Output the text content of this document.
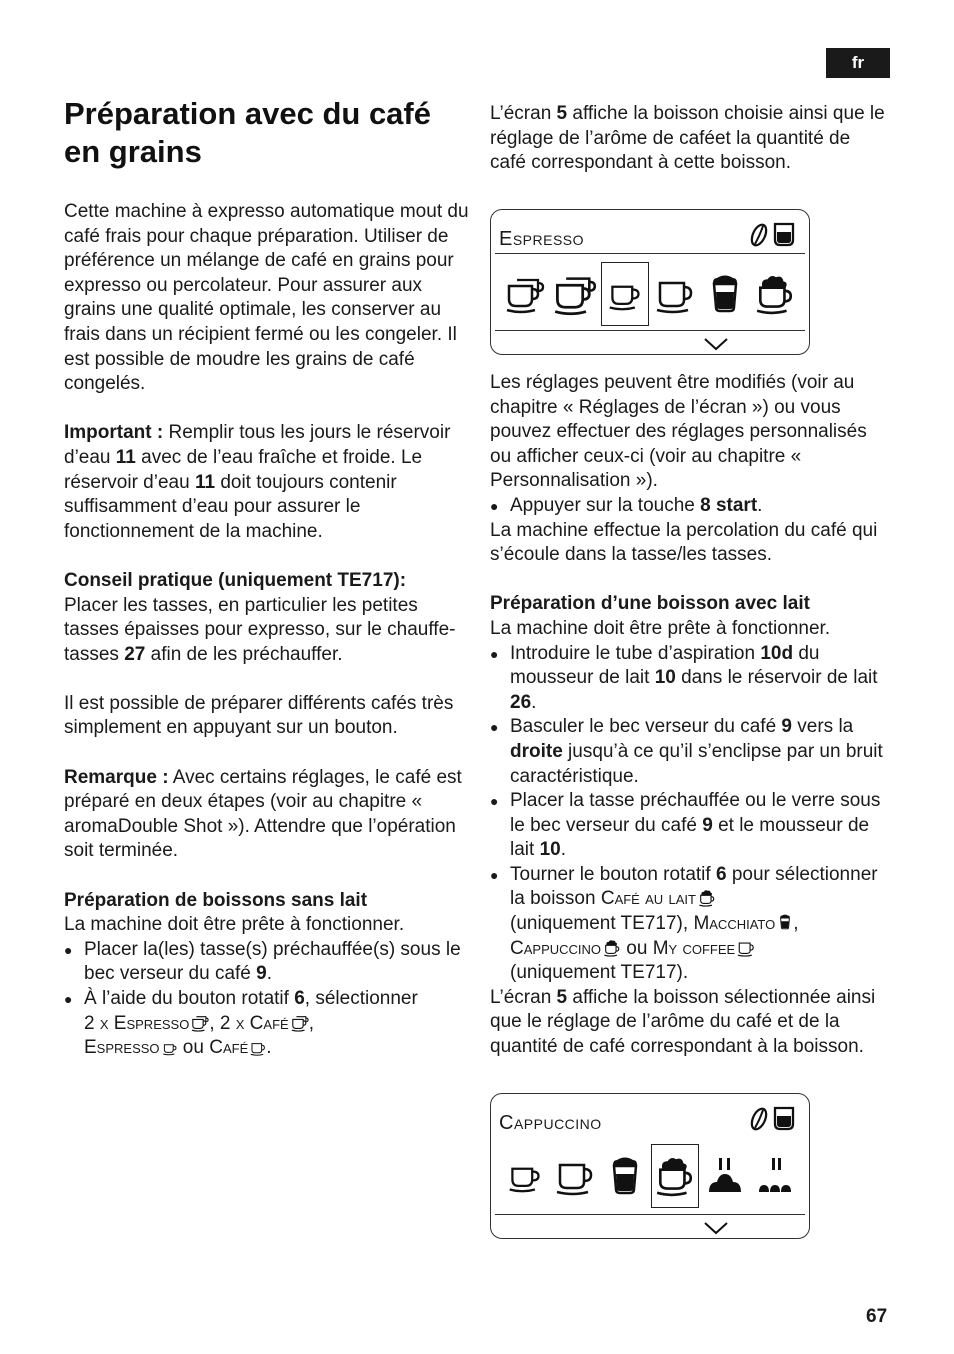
fr
Préparation avec du café en grains

Cette machine à expresso automatique mout du café frais pour chaque préparation. Utiliser de préférence un mélange de café en grains pour expresso ou percolateur. Pour assurer aux grains une qualité optimale, les conserver au frais dans un récipient fermé ou les congeler. Il est possible de moudre les grains de café congelés.

Important : Remplir tous les jours le réservoir d’eau 11 avec de l’eau fraîche et froide. Le réservoir d’eau 11 doit toujours contenir suffisamment d’eau pour assurer le fonctionnement de la machine.

Conseil pratique (uniquement TE717):

Placer les tasses, en particulier les petites tasses épaisses pour expresso, sur le chauffe-tasses 27 afin de les préchauffer.

Il est possible de préparer différents cafés très simplement en appuyant sur un bouton.

Remarque : Avec certains réglages, le café est préparé en deux étapes (voir au chapitre « aromaDouble Shot »). Attendre que l’opération soit terminée.

Préparation de boissons sans lait

La machine doit être prête à fonctionner.

● Placer la(les) tasse(s) préchauffée(s) sous le bec verseur du café 9.

● À l’aide du bouton rotatif 6, sélectionner
2 x Espresso , 2 x Café ,
Espresso ou Café .

L’écran 5 affiche la boisson choisie ainsi que le réglage de l’arôme de caféet la quantité de café correspondant à cette boisson.

Espresso

Les réglages peuvent être modifiés (voir au chapitre « Réglages de l’écran ») ou vous pouvez effectuer des réglages personnalisés ou afficher ceux-ci (voir au chapitre « Personnalisation »).

● Appuyer sur la touche 8 start.

La machine effectue la percolation du café qui s’écoule dans la tasse/les tasses.

Préparation d’une boisson avec lait

La machine doit être prête à fonctionner.

● Introduire le tube d’aspiration 10d du mousseur de lait 10 dans le réservoir de lait 26.

● Basculer le bec verseur du café 9 vers la droite jusqu’à ce qu’il s’enclipse par un bruit caractéristique.

● Placer la tasse préchauffée ou le verre sous le bec verseur du café 9 et le mousseur de lait 10.

● Tourner le bouton rotatif 6 pour sélectionner la boisson Café au lait
(uniquement TE717), Macchiato ,
Cappuccino ou My coffee
(uniquement TE717).

L’écran 5 affiche la boisson sélectionnée ainsi que le réglage de l’arôme du café et de la quantité de café correspondant à la boisson.

Cappuccino
67
